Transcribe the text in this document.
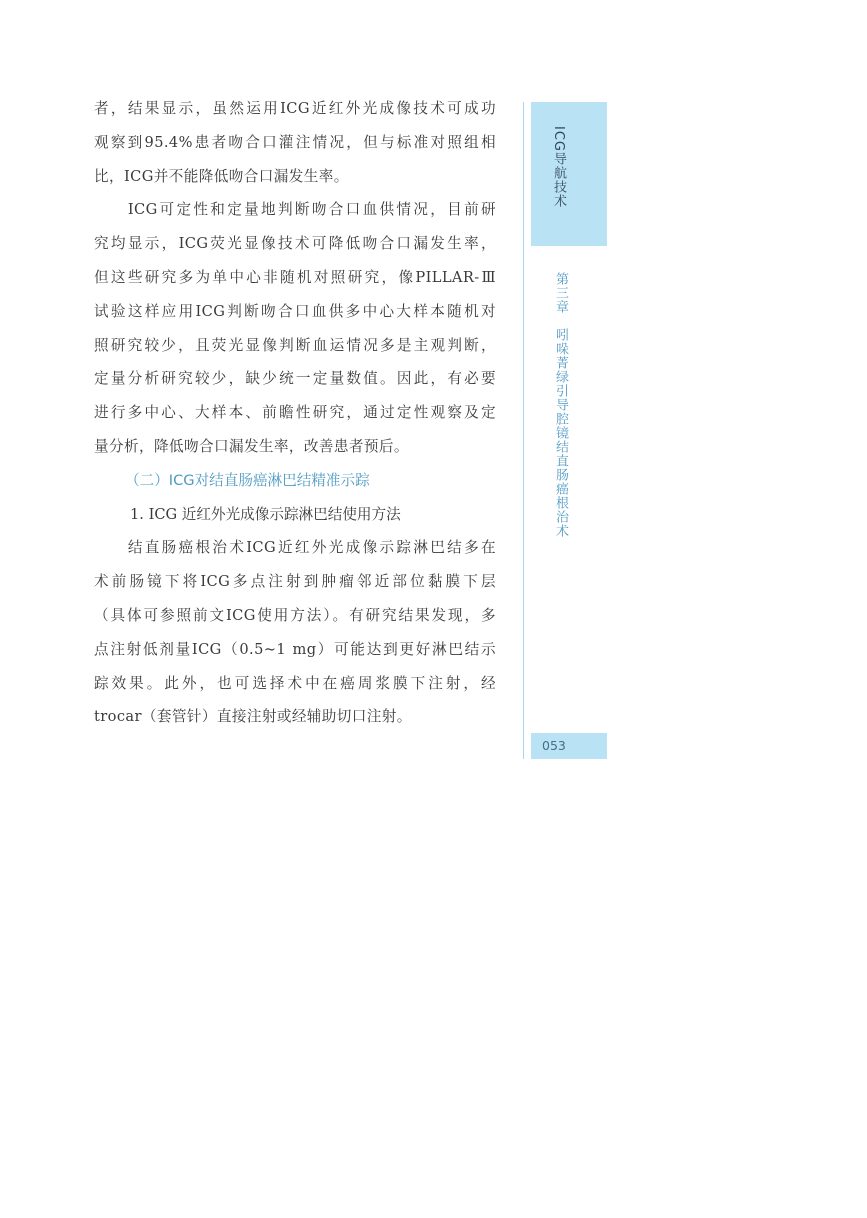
者，结果显示，虽然运用ICG近红外光成像技术可成功
观察到95.4%患者吻合口灌注情况，但与标准对照组相
比，ICG并不能降低吻合口漏发生率。
　　ICG可定性和定量地判断吻合口血供情况，目前研
究均显示，ICG荧光显像技术可降低吻合口漏发生率，
但这些研究多为单中心非随机对照研究，像PILLAR-Ⅲ
试验这样应用ICG判断吻合口血供多中心大样本随机对
照研究较少，且荧光显像判断血运情况多是主观判断，
定量分析研究较少，缺少统一定量数值。因此，有必要
进行多中心、大样本、前瞻性研究，通过定性观察及定
量分析，降低吻合口漏发生率，改善患者预后。
（二）ICG对结直肠癌淋巴结精准示踪
1. ICG 近红外光成像示踪淋巴结使用方法
　　结直肠癌根治术ICG近红外光成像示踪淋巴结多在
术前肠镜下将ICG多点注射到肿瘤邻近部位黏膜下层
（具体可参照前文ICG使用方法）。有研究结果发现，多
点注射低剂量ICG（0.5~1 mg）可能达到更好淋巴结示
踪效果。此外，也可选择术中在癌周浆膜下注射，经
trocar（套管针）直接注射或经辅助切口注射。
ICG导航技术
第三章吲哚菁绿引导腔镜结直肠癌根治术
053
